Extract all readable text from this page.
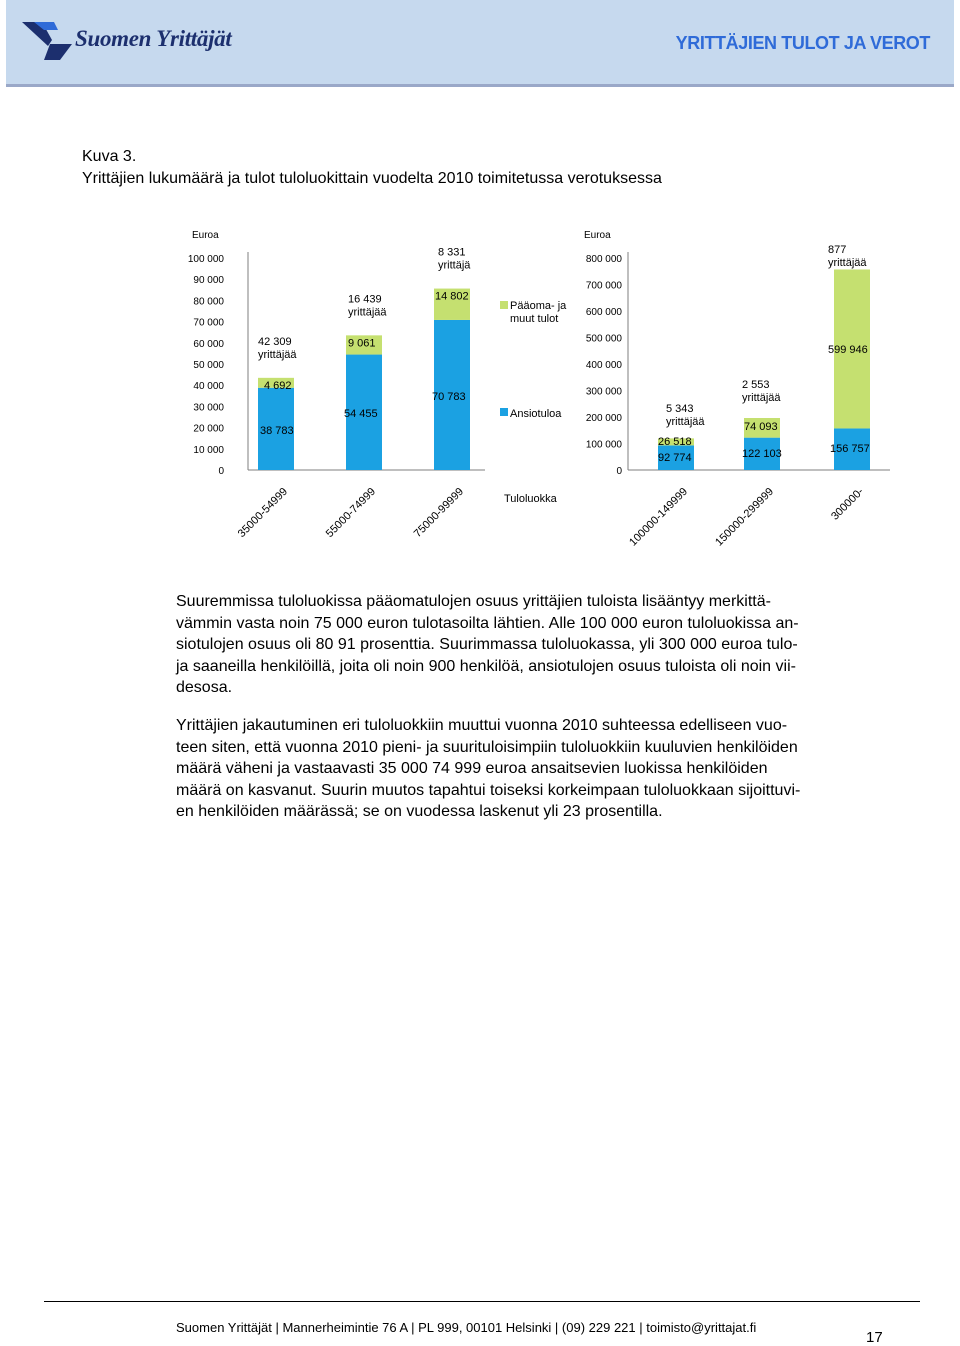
Suomen Yrittäjät	YRITTÄJIEN TULOT JA VEROT
Kuva 3.
Yrittäjien lukumäärä ja tulot tuloluokittain vuodelta 2010 toimitetussa verotuksessa
Euroa
100 000
90 000
80 000
70 000
60 000
50 000
40 000
30 000
20 000
10 000
0
38 783
4 692
42 309 yrittäjää
35000-54999
54 455
9 061
16 439 yrittäjää
55000-74999
70 783
14 802
8 331 yrittäjä
75000-99999
Pääoma- ja muut tulot
Ansiotuloa
Tuloluokka
Euroa
800 000
700 000
600 000
500 000
400 000
300 000
200 000
100 000
0
92 774
26 518
5 343 yrittäjää
100000-149999
122 103
74 093
2 553 yrittäjää
150000-299999
156 757
599 946
877 yrittäjää
300000-
Suuremmissa tuloluokissa pääomatulojen osuus yrittäjien tuloista lisääntyy merkittä-
vämmin vasta noin 75 000 euron tulotasoilta lähtien. Alle 100 000 euron tuloluokissa an-
siotulojen osuus oli 80 91 prosenttia. Suurimmassa tuloluokassa, yli 300 000 euroa tulo-
ja saaneilla henkilöillä, joita oli noin 900 henkilöä, ansiotulojen osuus tuloista oli noin vii-
desosa.
Yrittäjien jakautuminen eri tuloluokkiin muuttui vuonna 2010 suhteessa edelliseen vuo-
teen siten, että vuonna 2010 pieni- ja suurituloisimpiin tuloluokkiin kuuluvien henkilöiden
määrä väheni ja vastaavasti 35 000 74 999 euroa ansaitsevien luokissa henkilöiden
määrä on kasvanut. Suurin muutos tapahtui toiseksi korkeimpaan tuloluokkaan sijoittuvi-
en henkilöiden määrässä; se on vuodessa laskenut yli 23 prosentilla.
Suomen Yrittäjät | Mannerheimintie 76 A | PL 999, 00101 Helsinki | (09) 229 221 | toimisto@yrittajat.fi
17
